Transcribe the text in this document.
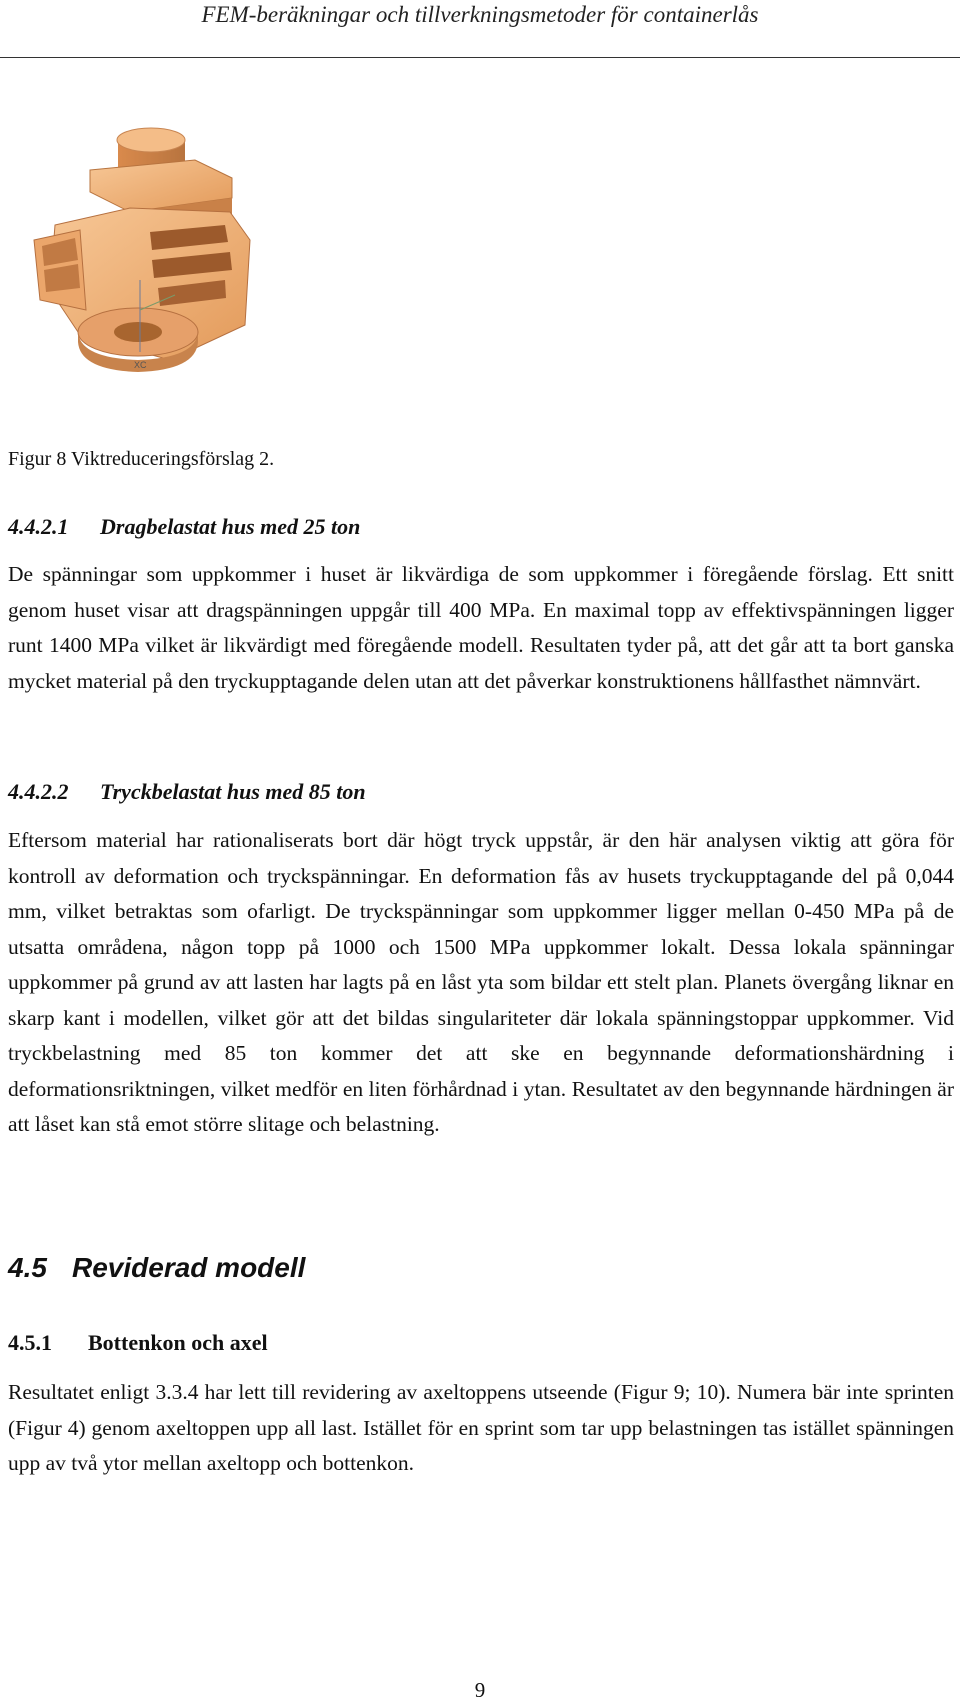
FEM-beräkningar och tillverkningsmetoder för containerlås
XC
Figur 8 Viktreduceringsförslag 2.
4.4.2.1 Dragbelastat hus med 25 ton
De spänningar som uppkommer i huset är likvärdiga de som uppkommer i föregående förslag. Ett snitt genom huset visar att dragspänningen uppgår till 400 MPa. En maximal topp av effektivspänningen ligger runt 1400 MPa vilket är likvärdigt med föregående modell. Resultaten tyder på, att det går att ta bort ganska mycket material på den tryckupptagande delen utan att det påverkar konstruktionens hållfasthet nämnvärt.
4.4.2.2 Tryckbelastat hus med 85 ton
Eftersom material har rationaliserats bort där högt tryck uppstår, är den här analysen viktig att göra för kontroll av deformation och tryckspänningar. En deformation fås av husets tryckupptagande del på 0,044 mm, vilket betraktas som ofarligt. De tryckspänningar som uppkommer ligger mellan 0-450 MPa på de utsatta områdena, någon topp på 1000 och 1500 MPa uppkommer lokalt. Dessa lokala spänningar uppkommer på grund av att lasten har lagts på en låst yta som bildar ett stelt plan. Planets övergång liknar en skarp kant i modellen, vilket gör att det bildas singulariteter där lokala spänningstoppar uppkommer. Vid tryckbelastning med 85 ton kommer det att ske en begynnande deformationshärdning i deformationsriktningen, vilket medför en liten förhårdnad i ytan. Resultatet av den begynnande härdningen är att låset kan stå emot större slitage och belastning.
4.5 Reviderad modell
4.5.1 Bottenkon och axel
Resultatet enligt 3.3.4 har lett till revidering av axeltoppens utseende (Figur 9; 10). Numera bär inte sprinten (Figur 4) genom axeltoppen upp all last. Istället för en sprint som tar upp belastningen tas istället spänningen upp av två ytor mellan axeltopp och bottenkon.
9
